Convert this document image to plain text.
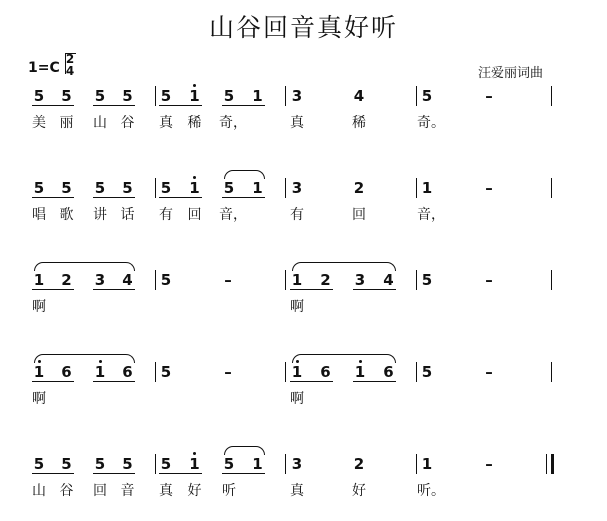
山谷回音真好听
1=C
2
4	汪爱丽词曲
5 5 5 5 5 1 5 1 3	4	5	–
美 丽 山 谷 真 稀 奇，	真	稀	奇。
5 5 5 5 5 1 5 1 3	2	1	–
唱 歌 讲 话 有 回 音，	有	回	音，
1 2 3 4 5	–	1 2 3 4 5	–
啊	啊
1 6 1 6 5	–	1 6 1 6 5	–
啊	啊
5 5 5 5 5 1 5 1 3	2	1	–
山 谷 回 音 真 好 听	真	好	听。
